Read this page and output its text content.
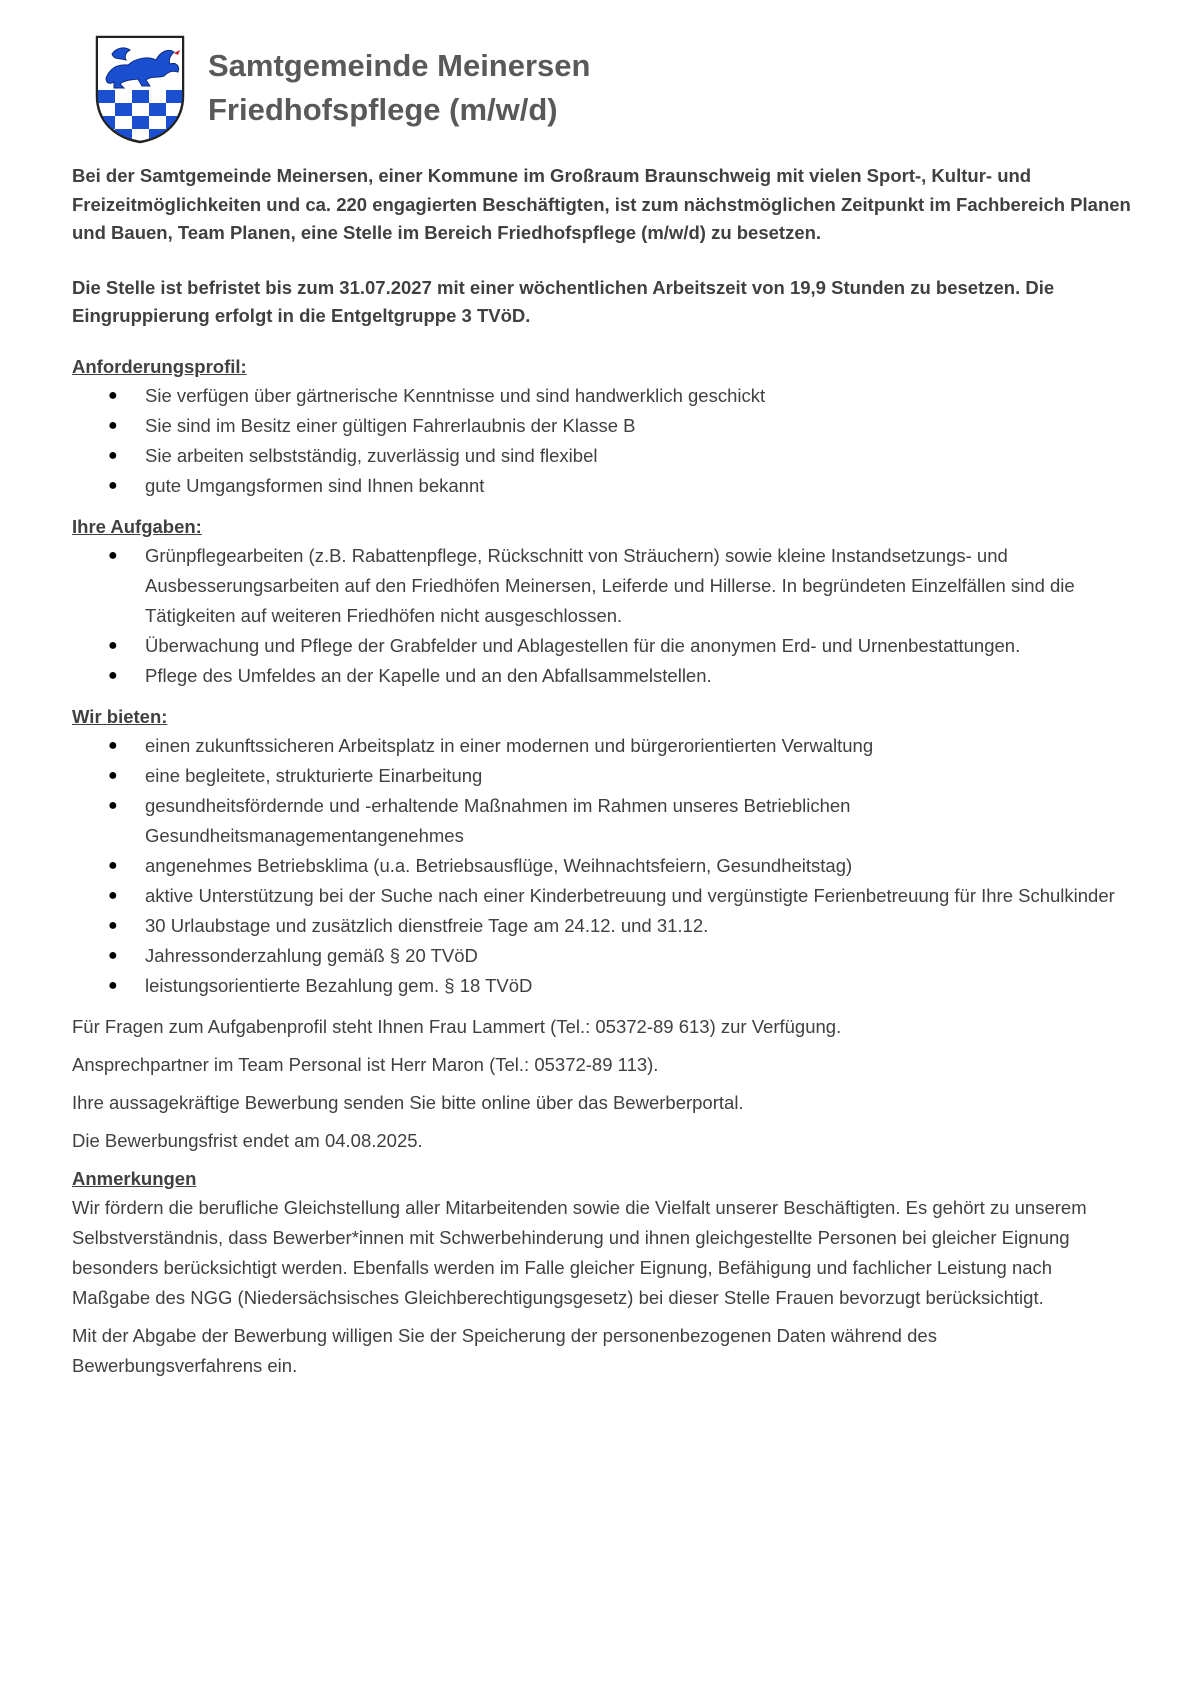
Samtgemeinde Meinersen
Friedhofspflege (m/w/d)

Bei der Samtgemeinde Meinersen, einer Kommune im Großraum Braunschweig mit vielen Sport-, Kultur- und Freizeitmöglichkeiten und ca. 220 engagierten Beschäftigten, ist zum nächstmöglichen Zeitpunkt im Fachbereich Planen und Bauen, Team Planen, eine Stelle im Bereich Friedhofspflege (m/w/d) zu besetzen.

Die Stelle ist befristet bis zum 31.07.2027 mit einer wöchentlichen Arbeitszeit von 19,9 Stunden zu besetzen. Die Eingruppierung erfolgt in die Entgeltgruppe 3 TVöD.

Anforderungsprofil:

● Sie verfügen über gärtnerische Kenntnisse und sind handwerklich geschickt
● Sie sind im Besitz einer gültigen Fahrerlaubnis der Klasse B
● Sie arbeiten selbstständig, zuverlässig und sind flexibel
● gute Umgangsformen sind Ihnen bekannt

Ihre Aufgaben:

● Grünpflegearbeiten (z.B. Rabattenpflege, Rückschnitt von Sträuchern) sowie kleine Instandsetzungs- und Ausbesserungsarbeiten auf den Friedhöfen Meinersen, Leiferde und Hillerse. In begründeten Einzelfällen sind die Tätigkeiten auf weiteren Friedhöfen nicht ausgeschlossen.
● Überwachung und Pflege der Grabfelder und Ablagestellen für die anonymen Erd- und Urnenbestattungen.
● Pflege des Umfeldes an der Kapelle und an den Abfallsammelstellen.

Wir bieten:

● einen zukunftssicheren Arbeitsplatz in einer modernen und bürgerorientierten Verwaltung
● eine begleitete, strukturierte Einarbeitung
● gesundheitsfördernde und -erhaltende Maßnahmen im Rahmen unseres Betrieblichen Gesundheitsmanagementangenehmes
● angenehmes Betriebsklima (u.a. Betriebsausflüge, Weihnachtsfeiern, Gesundheitstag)
● aktive Unterstützung bei der Suche nach einer Kinderbetreuung und vergünstigte Ferienbetreuung für Ihre Schulkinder
● 30 Urlaubstage und zusätzlich dienstfreie Tage am 24.12. und 31.12.
● Jahressonderzahlung gemäß § 20 TVöD
● leistungsorientierte Bezahlung gem. § 18 TVöD

Für Fragen zum Aufgabenprofil steht Ihnen Frau Lammert (Tel.: 05372-89 613) zur Verfügung.

Ansprechpartner im Team Personal ist Herr Maron (Tel.: 05372-89 113).

Ihre aussagekräftige Bewerbung senden Sie bitte online über das Bewerberportal.

Die Bewerbungsfrist endet am 04.08.2025.

Anmerkungen

Wir fördern die berufliche Gleichstellung aller Mitarbeitenden sowie die Vielfalt unserer Beschäftigten. Es gehört zu unserem Selbstverständnis, dass Bewerber*innen mit Schwerbehinderung und ihnen gleichgestellte Personen bei gleicher Eignung besonders berücksichtigt werden. Ebenfalls werden im Falle gleicher Eignung, Befähigung und fachlicher Leistung nach Maßgabe des NGG (Niedersächsisches Gleichberechtigungsgesetz) bei dieser Stelle Frauen bevorzugt berücksichtigt.

Mit der Abgabe der Bewerbung willigen Sie der Speicherung der personenbezogenen Daten während des Bewerbungsverfahrens ein.
